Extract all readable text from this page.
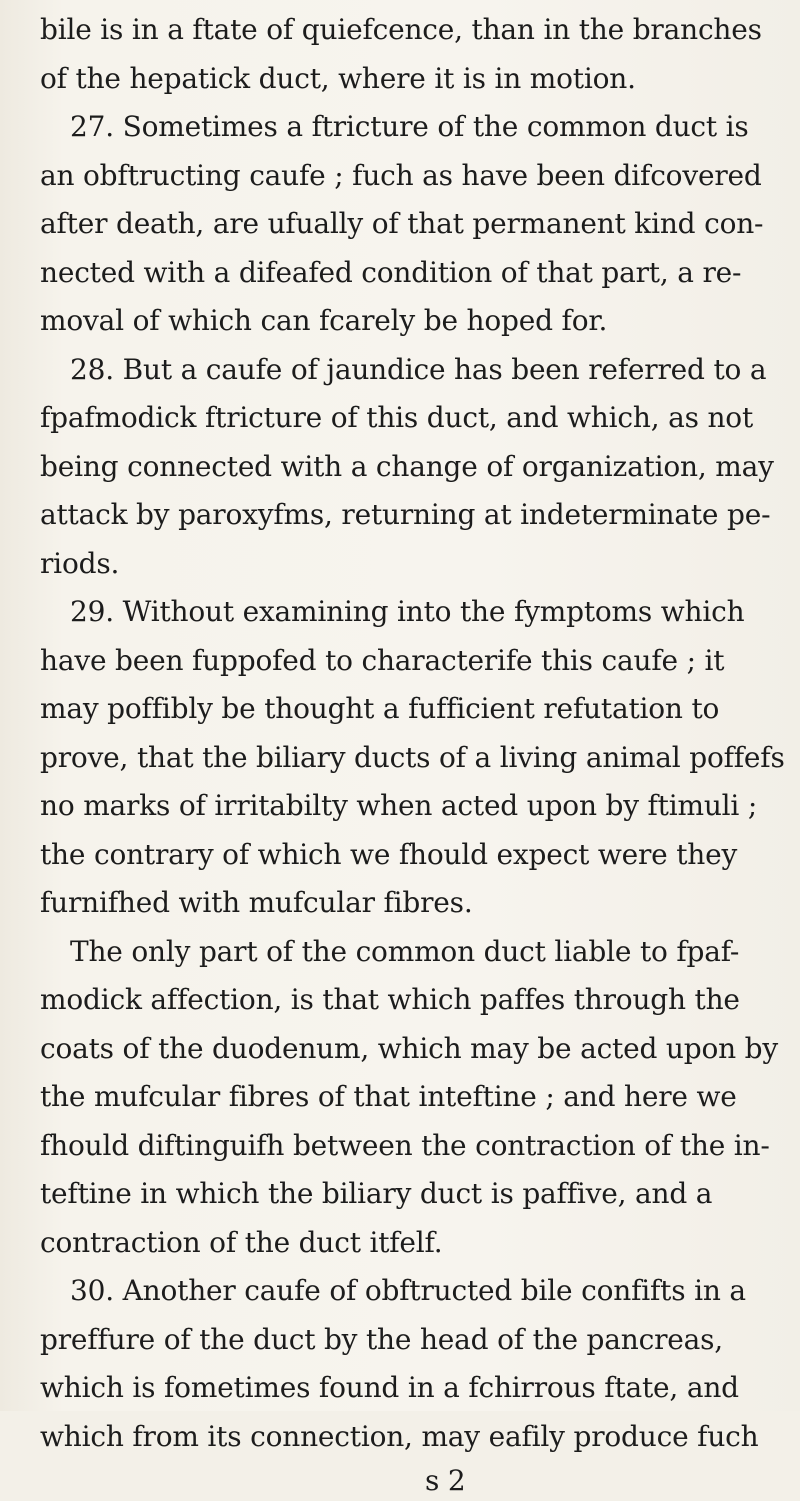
bile is in a ftate of quiefcence, than in the branches
of the hepatick duct, where it is in motion.
27. Sometimes a ftricture of the common duct is
an obftructing caufe ; fuch as have been difcovered
after death, are ufually of that permanent kind con-
nected with a difeafed condition of that part, a re-
moval of which can fcarely be hoped for.
28. But a caufe of jaundice has been referred to a
fpafmodick ftricture of this duct, and which, as not
being connected with a change of organization, may
attack by paroxyfms, returning at indeterminate pe-
riods.
29. Without examining into the fymptoms which
have been fuppofed to characterife this caufe ; it
may poffibly be thought a fufficient refutation to
prove, that the biliary ducts of a living animal poffefs
no marks of irritabilty when acted upon by ftimuli ;
the contrary of which we fhould expect were they
furnifhed with mufcular fibres.
The only part of the common duct liable to fpaf-
modick affection, is that which paffes through the
coats of the duodenum, which may be acted upon by
the mufcular fibres of that inteftine ; and here we
fhould diftinguifh between the contraction of the in-
teftine in which the biliary duct is paffive, and a
contraction of the duct itfelf.
30. Another caufe of obftructed bile confifts in a
preffure of the duct by the head of the pancreas,
which is fometimes found in a fchirrous ftate, and
which from its connection, may eafily produce fuch
s 2
